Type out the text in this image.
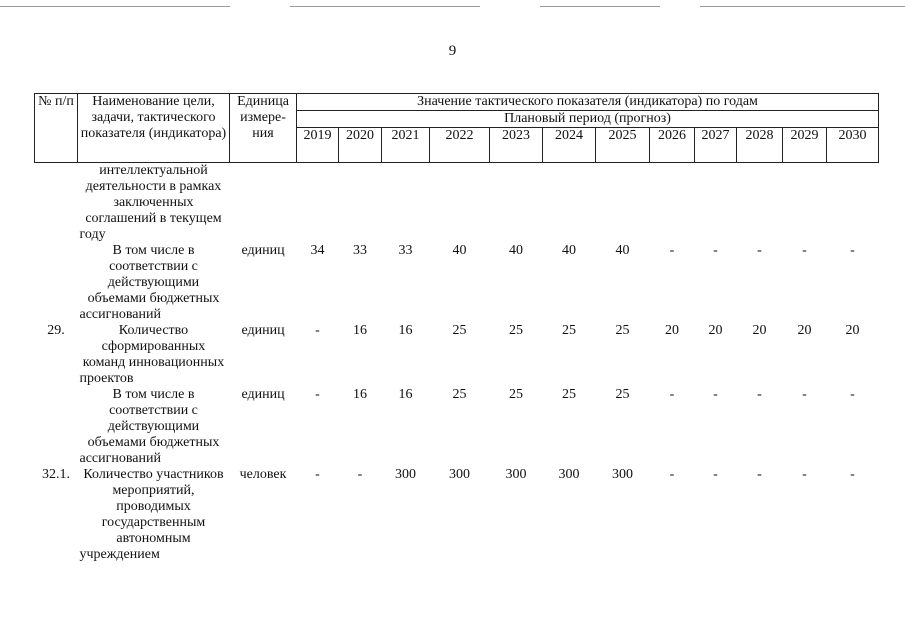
9
№ п/п	Наименование цели, задачи, тактического показателя (индикатора)	Единица измере-ния	Значение тактического показателя (индикатора) по годам											
			Плановый период (прогноз)											
			2019	2020	2021	2022	2023	2024	2025	2026	2027	2028	2029	2030
	интеллектуальной деятельности в рамках заключенных соглашений в текущем году													
	В том числе в соответствии с действующими объемами бюджетных ассигнований	единиц	34	33	33	40	40	40	40	-	-	-	-	-
29.	Количество сформированных команд инновационных проектов	единиц	-	16	16	25	25	25	25	20	20	20	20	20
	В том числе в соответствии с действующими объемами бюджетных ассигнований	единиц	-	16	16	25	25	25	25	-	-	-	-	-
32.1.	Количество участников мероприятий, проводимых государственным автономным учреждением	человек	-	-	300	300	300	300	300	-	-	-	-	-
